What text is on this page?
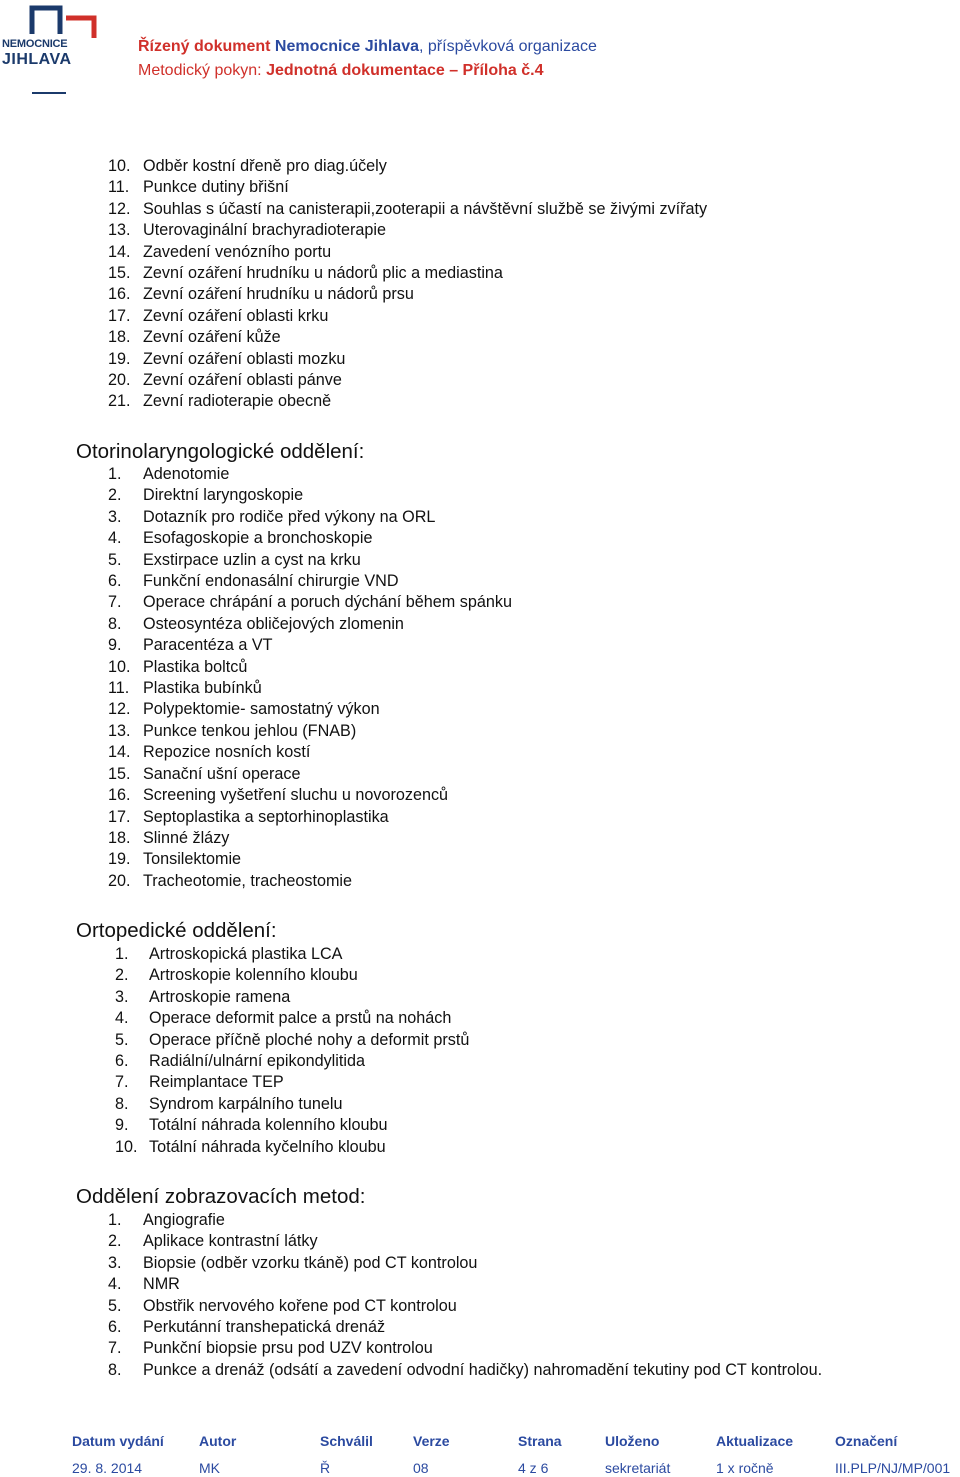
NEMOCNICE
JIHLAVA
Řízený dokument Nemocnice Jihlava, příspěvková organizace
Metodický pokyn: Jednotná dokumentace – Příloha č.4
10. Odběr kostní dřeně pro diag.účely
11. Punkce dutiny břišní
12. Souhlas s účastí na canisterapii,zooterapii a návštěvní službě se živými zvířaty
13. Uterovaginální brachyradioterapie
14. Zavedení venózního portu
15. Zevní ozáření hrudníku u nádorů plic a mediastina
16. Zevní ozáření hrudníku u nádorů prsu
17. Zevní ozáření oblasti krku
18. Zevní ozáření kůže
19. Zevní ozáření oblasti mozku
20. Zevní ozáření oblasti pánve
21. Zevní radioterapie obecně
Otorinolaryngologické oddělení:
1.	Adenotomie
2.	Direktní laryngoskopie
3.	Dotazník pro rodiče před výkony na ORL
4.	Esofagoskopie a bronchoskopie
5.	Exstirpace uzlin a cyst na krku
6.	Funkční endonasální chirurgie VND
7.	Operace chrápání a poruch dýchání během spánku
8.	Osteosyntéza obličejových zlomenin
9.	Paracentéza a VT
10. Plastika boltců
11. Plastika bubínků
12. Polypektomie- samostatný výkon
13. Punkce tenkou jehlou (FNAB)
14. Repozice nosních kostí
15. Sanační ušní operace
16. Screening vyšetření sluchu u novorozenců
17. Septoplastika a septorhinoplastika
18. Slinné žlázy
19. Tonsilektomie
20. Tracheotomie, tracheostomie
Ortopedické oddělení:
1.	Artroskopická plastika LCA
2.	Artroskopie kolenního kloubu
3.	Artroskopie ramena
4.	Operace deformit palce a prstů na nohách
5.	Operace příčně ploché nohy a deformit prstů
6.	Radiální/ulnární epikondylitida
7.	Reimplantace TEP
8.	Syndrom karpálního tunelu
9.	Totální náhrada kolenního kloubu
10. Totální náhrada kyčelního kloubu
Oddělení zobrazovacích metod:
1.	Angiografie
2.	Aplikace kontrastní látky
3.	Biopsie (odběr vzorku tkáně) pod CT kontrolou
4.	NMR
5.	Obstřik nervového kořene pod CT kontrolou
6.	Perkutánní transhepatická drenáž
7.	Punkční biopsie prsu pod UZV kontrolou
8.	Punkce a drenáž (odsátí a zavedení odvodní hadičky) nahromadění tekutiny pod CT kontrolou.
Datum vydání	Autor	Schválil	Verze	Strana	Uloženo	Aktualizace	Označení
29. 8. 2014	MK	Ř	08	4 z 6	sekretariát	1 x ročně	III.PLP/NJ/MP/001
